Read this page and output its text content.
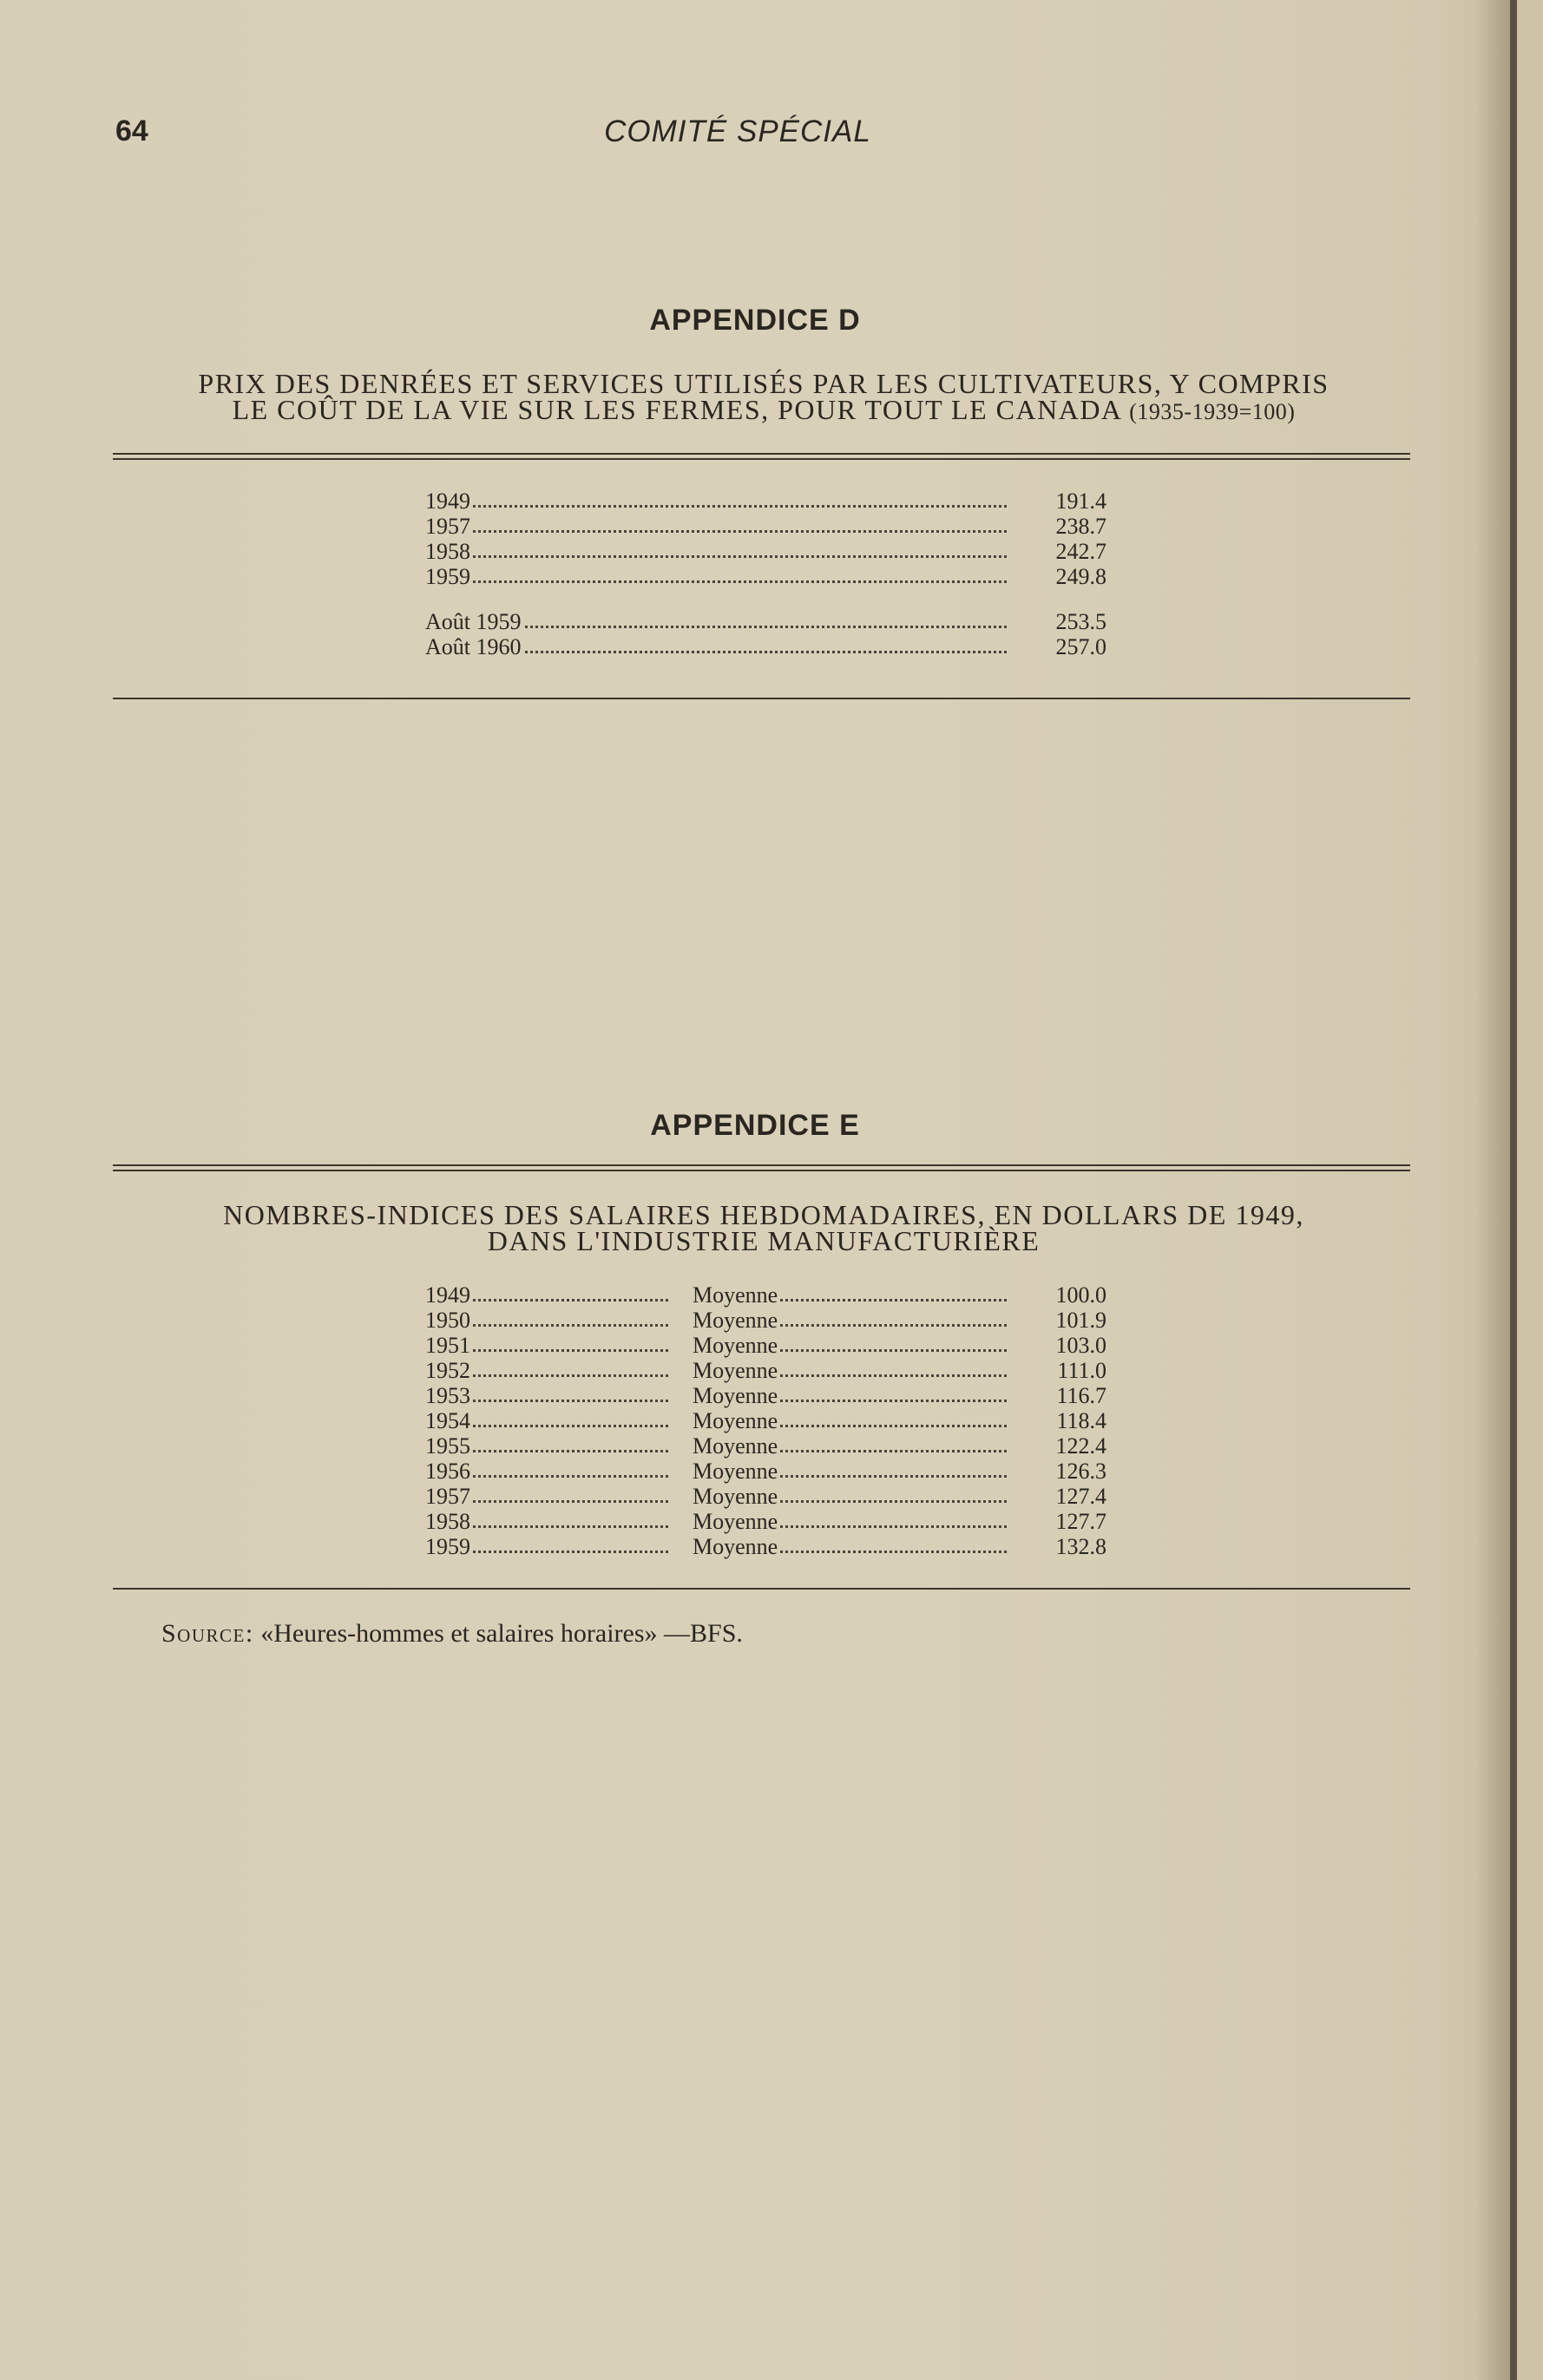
64	COMITÉ SPÉCIAL
APPENDICE D
PRIX DES DENRÉES ET SERVICES UTILISÉS PAR LES CULTIVATEURS, Y COMPRIS
LE COÛT DE LA VIE SUR LES FERMES, POUR TOUT LE CANADA (1935-1939=100)
1949	191.4
1957	238.7
1958	242.7
1959	249.8
Août 1959	253.5
Août 1960	257.0
APPENDICE E
NOMBRES-INDICES DES SALAIRES HEBDOMADAIRES, EN DOLLARS DE 1949,
DANS L'INDUSTRIE MANUFACTURIÈRE
1949	Moyenne	100.0
1950	Moyenne	101.9
1951	Moyenne	103.0
1952	Moyenne	111.0
1953	Moyenne	116.7
1954	Moyenne	118.4
1955	Moyenne	122.4
1956	Moyenne	126.3
1957	Moyenne	127.4
1958	Moyenne	127.7
1959	Moyenne	132.8
Source: «Heures-hommes et salaires horaires» —BFS.
